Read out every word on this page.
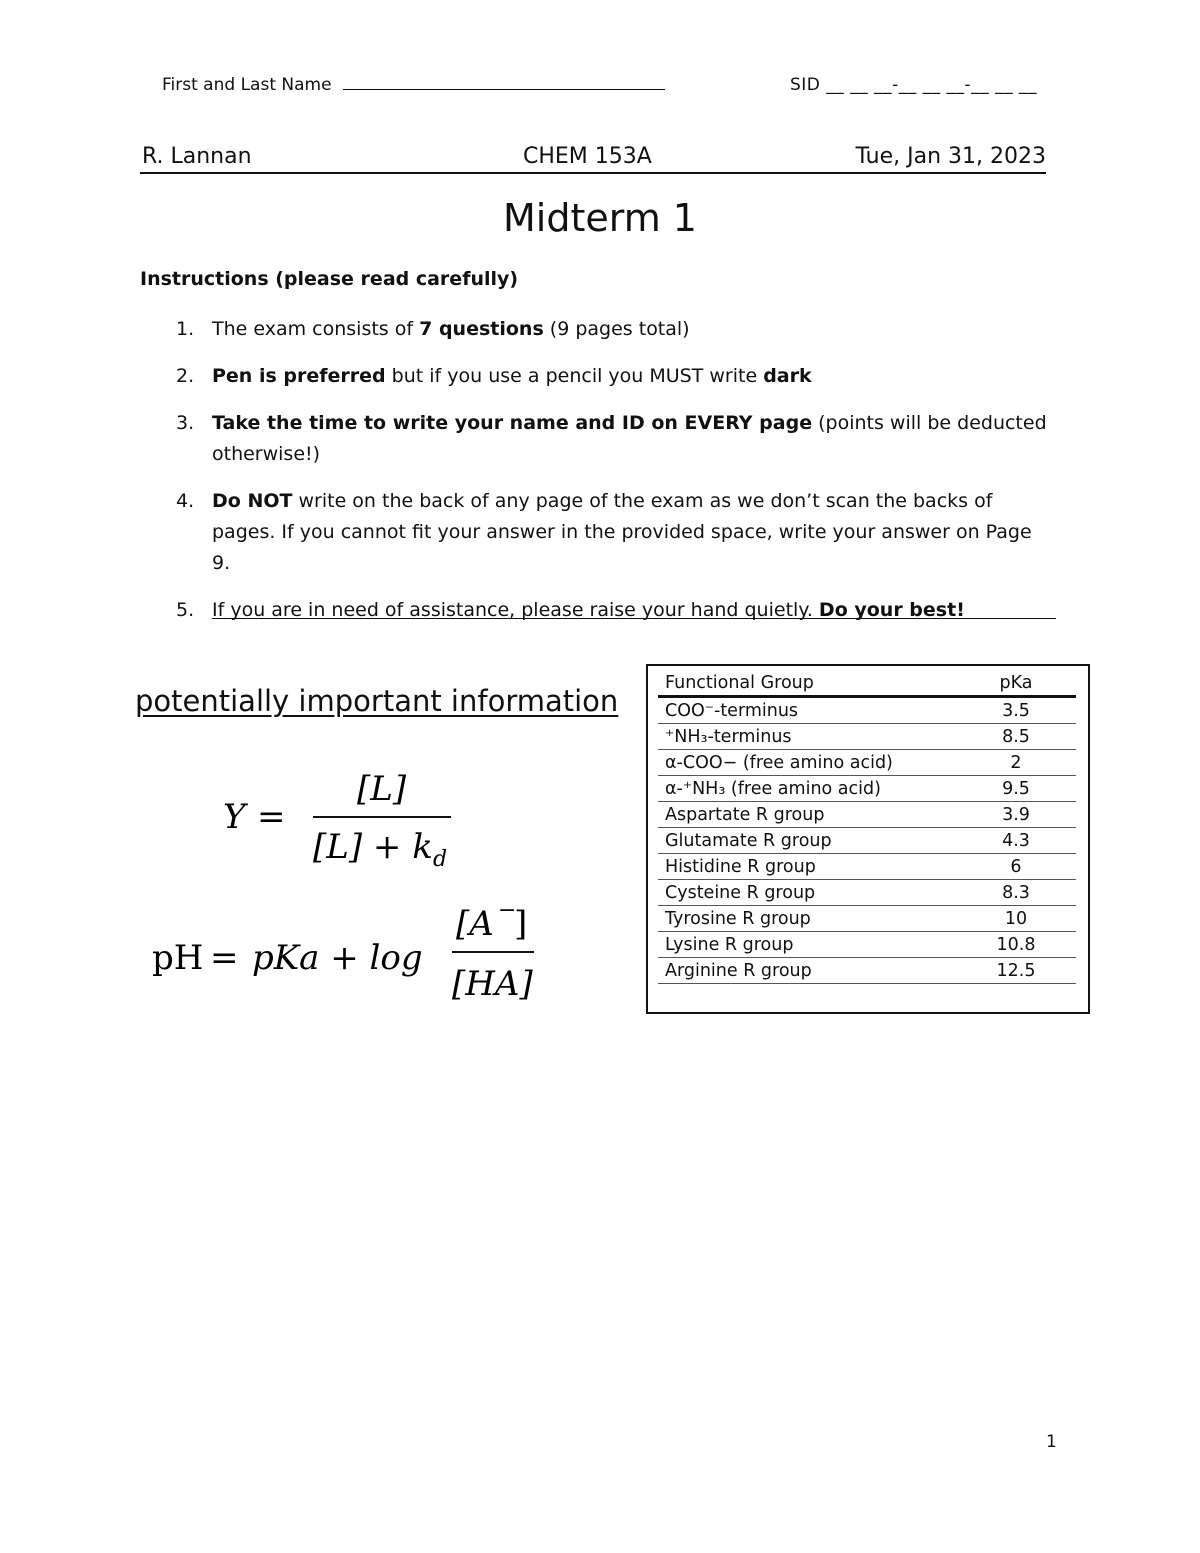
First and Last Name	SID __ __ __-__ __ __-__ __ __
R. Lannan	CHEM 153A	Tue, Jan 31, 2023
Midterm 1
Instructions (please read carefully)
1. The exam consists of 7 questions (9 pages total)
2. Pen is preferred but if you use a pencil you MUST write dark
3. Take the time to write your name and ID on EVERY page (points will be deducted otherwise!)
4. Do NOT write on the back of any page of the exam as we don’t scan the backs of pages. If you cannot fit your answer in the provided space, write your answer on Page 9.
5. If you are in need of assistance, please raise your hand quietly. Do your best!
potentially important information
Y =
[L]
[L] + k d
pH = pKa + log
[A −
]
[HA]
Functional Group	pKa
COO⁻-terminus	3.5
⁺NH₃-terminus	8.5
α-COO− (free amino acid)	2
α-⁺NH₃ (free amino acid)	9.5
Aspartate R group	3.9
Glutamate R group	4.3
Histidine R group	6
Cysteine R group	8.3
Tyrosine R group	10
Lysine R group	10.8
Arginine R group	12.5
1
